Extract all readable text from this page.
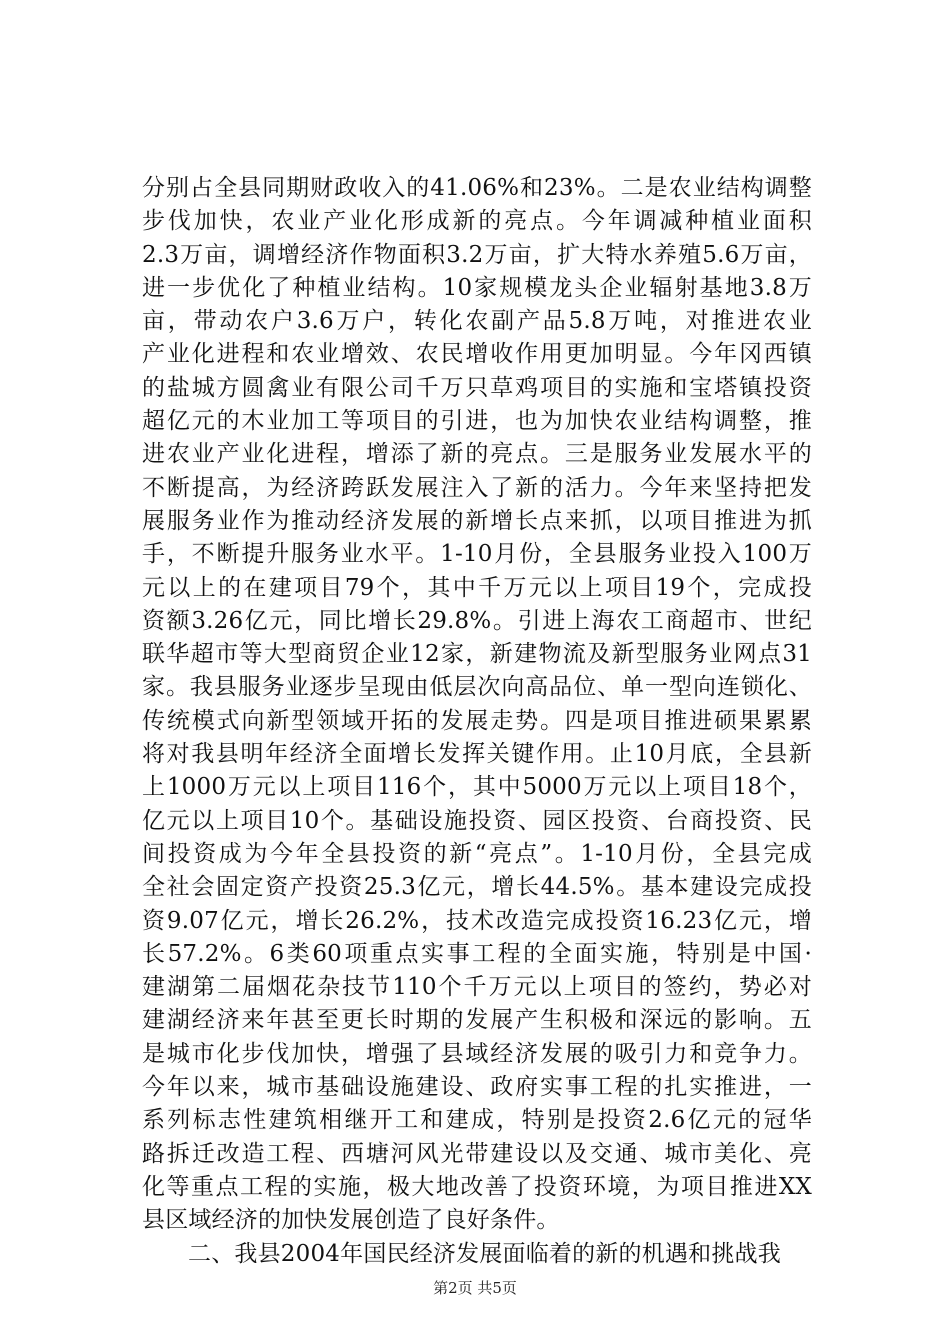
分别占全县同期财政收入的41.06%和23%。二是农业结构调整
步伐加快，农业产业化形成新的亮点。今年调减种植业面积
2.3万亩，调增经济作物面积3.2万亩，扩大特水养殖5.6万亩，
进一步优化了种植业结构。10家规模龙头企业辐射基地3.8万
亩，带动农户3.6万户，转化农副产品5.8万吨，对推进农业
产业化进程和农业增效、农民增收作用更加明显。今年冈西镇
的盐城方圆禽业有限公司千万只草鸡项目的实施和宝塔镇投资
超亿元的木业加工等项目的引进，也为加快农业结构调整，推
进农业产业化进程，增添了新的亮点。三是服务业发展水平的
不断提高，为经济跨跃发展注入了新的活力。今年来坚持把发
展服务业作为推动经济发展的新增长点来抓，以项目推进为抓
手，不断提升服务业水平。1-10月份，全县服务业投入100万
元以上的在建项目79个，其中千万元以上项目19个，完成投
资额3.26亿元，同比增长29.8%。引进上海农工商超市、世纪
联华超市等大型商贸企业12家，新建物流及新型服务业网点31
家。我县服务业逐步呈现由低层次向高品位、单一型向连锁化、
传统模式向新型领域开拓的发展走势。四是项目推进硕果累累
将对我县明年经济全面增长发挥关键作用。止10月底，全县新
上1000万元以上项目116个，其中5000万元以上项目18个，
亿元以上项目10个。基础设施投资、园区投资、台商投资、民
间投资成为今年全县投资的新“亮点”。1-10月份，全县完成
全社会固定资产投资25.3亿元，增长44.5%。基本建设完成投
资9.07亿元，增长26.2%，技术改造完成投资16.23亿元，增
长57.2%。6类60项重点实事工程的全面实施，特别是中国·
建湖第二届烟花杂技节110个千万元以上项目的签约，势必对
建湖经济来年甚至更长时期的发展产生积极和深远的影响。五
是城市化步伐加快，增强了县域经济发展的吸引力和竞争力。
今年以来，城市基础设施建设、政府实事工程的扎实推进，一
系列标志性建筑相继开工和建成，特别是投资2.6亿元的冠华
路拆迁改造工程、西塘河风光带建设以及交通、城市美化、亮
化等重点工程的实施，极大地改善了投资环境，为项目推进XX
县区域经济的加快发展创造了良好条件。
二、我县2004年国民经济发展面临着的新的机遇和挑战我
第2页 共5页
